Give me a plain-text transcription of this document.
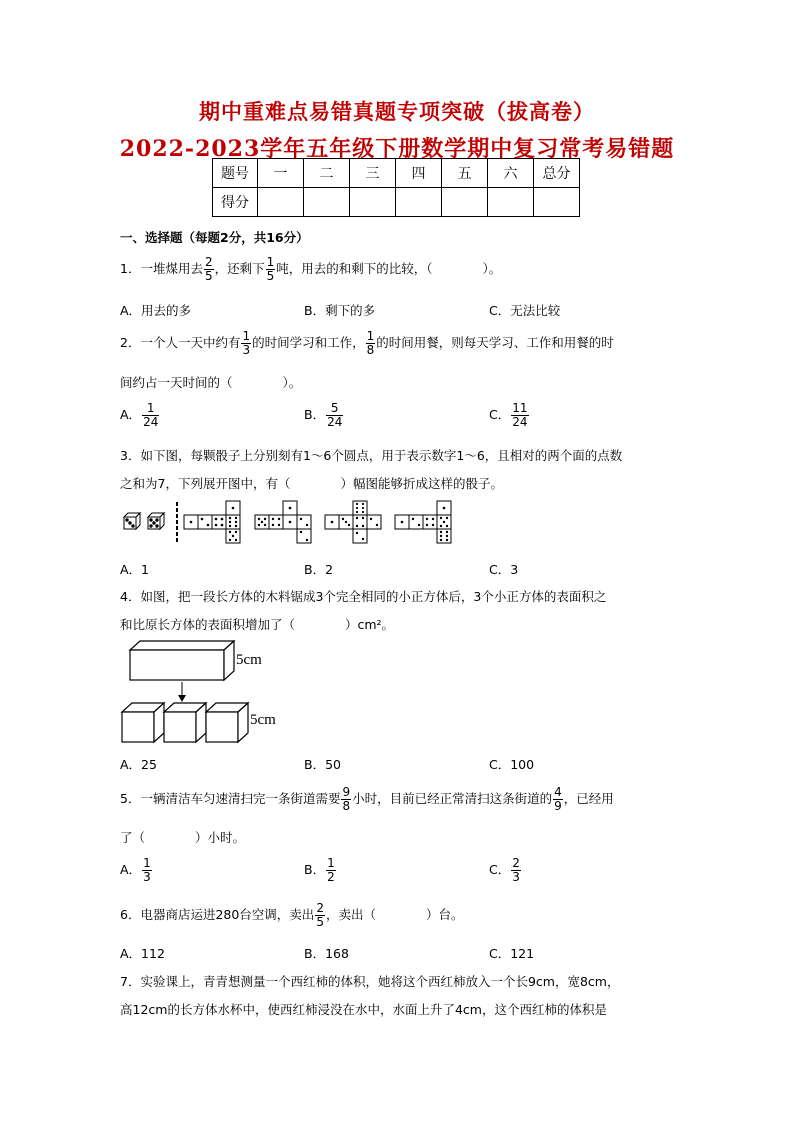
期中重难点易错真题专项突破（拔高卷）
2022-2023学年五年级下册数学期中复习常考易错题
题号	一	二	三	四	五	六	总分
得分							
一、选择题（每题2分，共16分）
1．一堆煤用去 $\frac{2}{5}$ ，还剩下 $\frac{1}{5}$ 吨，用去的和剩下的比较，（　　　　）。
A．用去的多	B．剩下的多	C．无法比较
2．一个人一天中约有 $\frac{1}{3}$ 的时间学习和工作， $\frac{1}{8}$ 的时间用餐，则每天学习、工作和用餐的时
间约占一天时间的（　　　　）。
A． $\frac{1}{24}$	B． $\frac{5}{24}$	C． $\frac{11}{24}$
3．如下图，每颗骰子上分别刻有1～6个圆点，用于表示数字1～6，且相对的两个面的点数
之和为7，下列展开图中，有（　　　　）幅图能够折成这样的骰子。
A．1	B．2	C．3
4．如图，把一段长方体的木料锯成3个完全相同的小正方体后，3个小正方体的表面积之
和比原长方体的表面积增加了（　　　　）cm²。
5cm
5cm
A．25	B．50	C．100
5．一辆清洁车匀速清扫完一条街道需要 $\frac{9}{8}$ 小时，目前已经正常清扫这条街道的 $\frac{4}{9}$ ，已经用
了（　　　　）小时。
A． $\frac{1}{3}$	B． $\frac{1}{2}$	C． $\frac{2}{3}$
6．电器商店运进280台空调，卖出 $\frac{2}{5}$ ，卖出（　　　　）台。
A．112	B．168	C．121
7．实验课上，青青想测量一个西红柿的体积，她将这个西红柿放入一个长9cm，宽8cm，
高12cm的长方体水杯中，使西红柿浸没在水中，水面上升了4cm，这个西红柿的体积是
